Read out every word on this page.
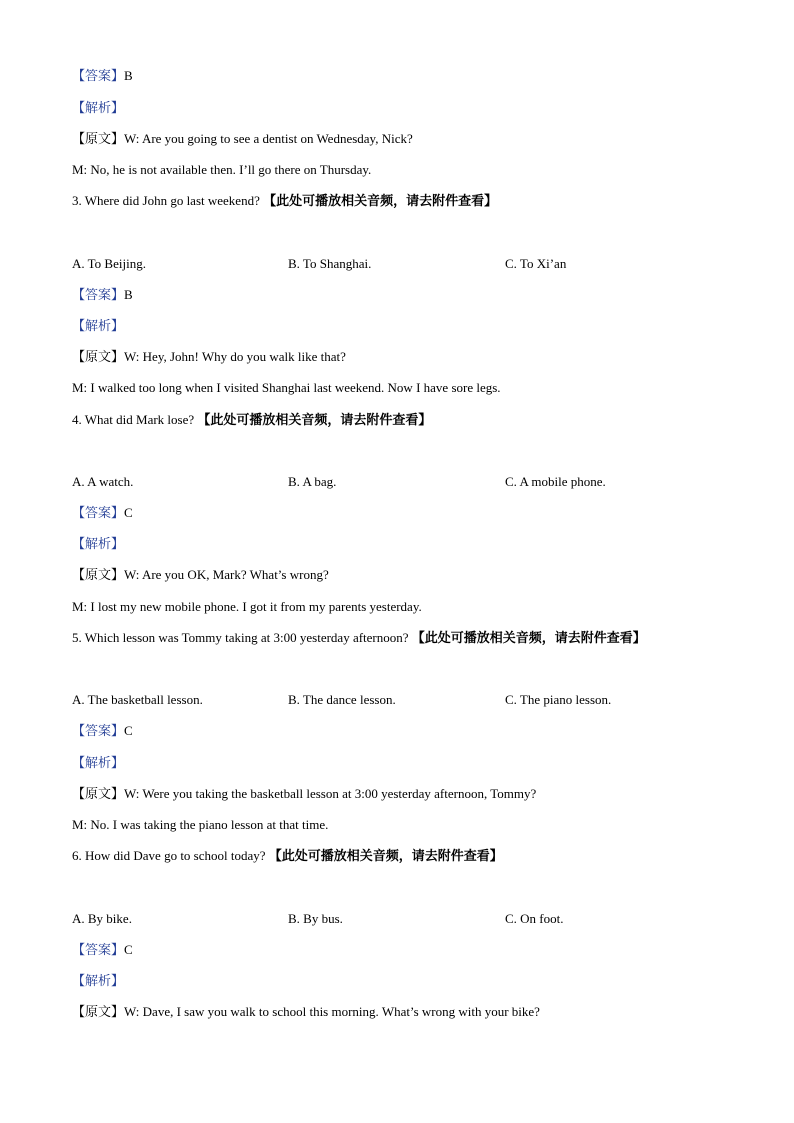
【答案】B
【解析】
【原文】W: Are you going to see a dentist on Wednesday, Nick?
M: No, he is not available then. I’ll go there on Thursday.
3. Where did John go last weekend? 【此处可播放相关音频，请去附件查看】
A. To Beijing.	B. To Shanghai.	C. To Xi’an
【答案】B
【解析】
【原文】W: Hey, John! Why do you walk like that?
M: I walked too long when I visited Shanghai last weekend. Now I have sore legs.
4. What did Mark lose? 【此处可播放相关音频，请去附件查看】
A. A watch.	B. A bag.	C. A mobile phone.
【答案】C
【解析】
【原文】W: Are you OK, Mark? What’s wrong?
M: I lost my new mobile phone. I got it from my parents yesterday.
5. Which lesson was Tommy taking at 3:00 yesterday afternoon? 【此处可播放相关音频，请去附件查看】
A. The basketball lesson.	B. The dance lesson.	C. The piano lesson.
【答案】C
【解析】
【原文】W: Were you taking the basketball lesson at 3:00 yesterday afternoon, Tommy?
M: No. I was taking the piano lesson at that time.
6. How did Dave go to school today? 【此处可播放相关音频，请去附件查看】
A. By bike.	B. By bus.	C. On foot.
【答案】C
【解析】
【原文】W: Dave, I saw you walk to school this morning. What’s wrong with your bike?
